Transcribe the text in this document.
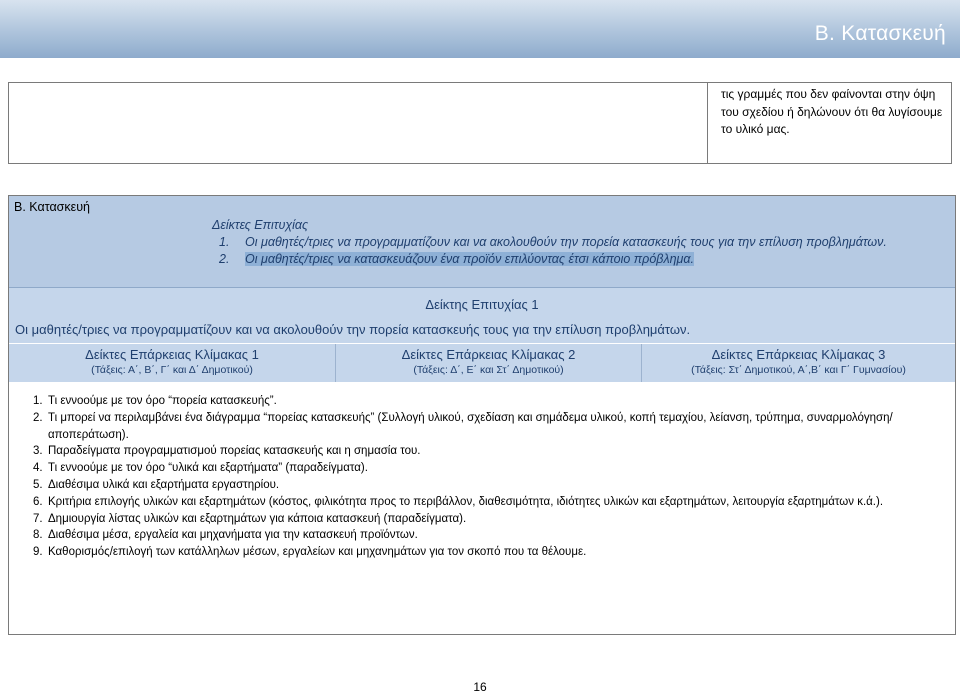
Β. Κατασκευή
τις γραμμές που δεν φαίνονται στην όψη του σχεδίου ή δηλώνουν ότι θα λυγίσουμε το υλικό μας.
Β. Κατασκευή
Δείκτες Επιτυχίας
1. Οι μαθητές/τριες να προγραμματίζουν και να ακολουθούν την πορεία κατασκευής τους για την επίλυση προβλημάτων.
2. Οι μαθητές/τριες να κατασκευάζουν ένα προϊόν επιλύοντας έτσι κάποιο πρόβλημα.
Δείκτης Επιτυχίας 1
Οι μαθητές/τριες να προγραμματίζουν και να ακολουθούν την πορεία κατασκευής τους για την επίλυση προβλημάτων.
Δείκτες Επάρκειας Κλίμακας 1
(Τάξεις: Α΄, Β΄, Γ΄ και Δ΄ Δημοτικού)
Δείκτες Επάρκειας Κλίμακας 2
(Τάξεις: Δ΄, Ε΄ και Στ΄ Δημοτικού)
Δείκτες Επάρκειας Κλίμακας 3
(Τάξεις: Στ΄ Δημοτικού, Α΄,Β΄ και Γ΄ Γυμνασίου)
1. Τι εννοούμε με τον όρο “πορεία κατασκευής”.
2. Τι μπορεί να περιλαμβάνει ένα διάγραμμα “πορείας κατασκευής” (Συλλογή υλικού, σχεδίαση και σημάδεμα υλικού, κοπή τεμαχίου, λείανση, τρύπημα, συναρμολόγηση/ αποπεράτωση).
3. Παραδείγματα προγραμματισμού πορείας κατασκευής και η σημασία του.
4. Τι εννοούμε με τον όρο “υλικά και εξαρτήματα” (παραδείγματα).
5. Διαθέσιμα υλικά και εξαρτήματα εργαστηρίου.
6. Κριτήρια επιλογής υλικών και εξαρτημάτων (κόστος, φιλικότητα προς το περιβάλλον, διαθεσιμότητα, ιδιότητες υλικών και εξαρτημάτων, λειτουργία εξαρτημάτων κ.ά.).
7. Δημιουργία λίστας υλικών και εξαρτημάτων για κάποια κατασκευή (παραδείγματα).
8. Διαθέσιμα μέσα, εργαλεία και μηχανήματα για την κατασκευή προϊόντων.
9. Καθορισμός/επιλογή των κατάλληλων μέσων, εργαλείων και μηχανημάτων για τον σκοπό που τα θέλουμε.
16
